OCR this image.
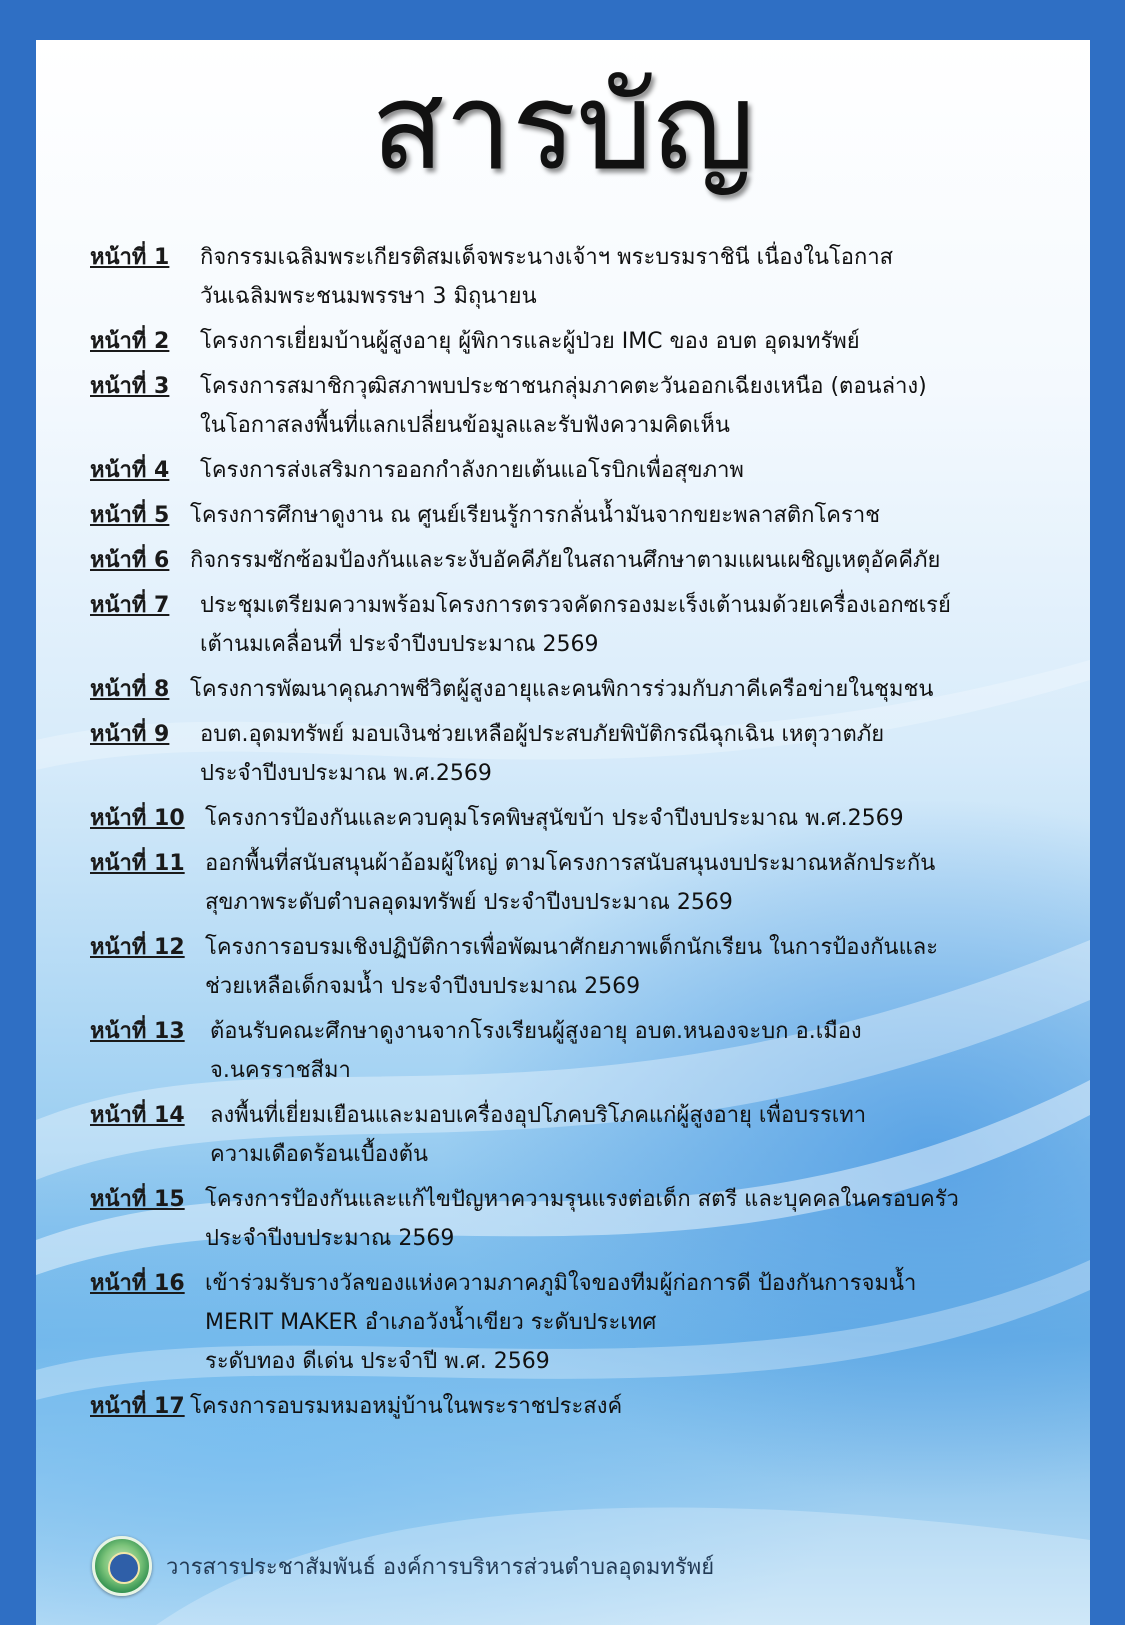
สารบัญ
หน้าที่ 1	กิจกรรมเฉลิมพระเกียรติสมเด็จพระนางเจ้าฯ พระบรมราชินี เนื่องในโอกาส
วันเฉลิมพระชนมพรรษา 3 มิถุนายน
หน้าที่ 2	โครงการเยี่ยมบ้านผู้สูงอายุ ผู้พิการและผู้ป่วย IMC ของ อบต อุดมทรัพย์
หน้าที่ 3	โครงการสมาชิกวุฒิสภาพบประชาชนกลุ่มภาคตะวันออกเฉียงเหนือ (ตอนล่าง)
ในโอกาสลงพื้นที่แลกเปลี่ยนข้อมูลและรับฟังความคิดเห็น
หน้าที่ 4	โครงการส่งเสริมการออกกำลังกายเต้นแอโรบิกเพื่อสุขภาพ
หน้าที่ 5 โครงการศึกษาดูงาน ณ ศูนย์เรียนรู้การกลั่นน้ำมันจากขยะพลาสติกโคราช
หน้าที่ 6 กิจกรรมซักซ้อมป้องกันและระงับอัคคีภัยในสถานศึกษาตามแผนเผชิญเหตุอัคคีภัย
หน้าที่ 7	ประชุมเตรียมความพร้อมโครงการตรวจคัดกรองมะเร็งเต้านมด้วยเครื่องเอกซเรย์
เต้านมเคลื่อนที่ ประจำปีงบประมาณ 2569
หน้าที่ 8 โครงการพัฒนาคุณภาพชีวิตผู้สูงอายุและคนพิการร่วมกับภาคีเครือข่ายในชุมชน
หน้าที่ 9	อบต.อุดมทรัพย์ มอบเงินช่วยเหลือผู้ประสบภัยพิบัติกรณีฉุกเฉิน เหตุวาตภัย
ประจำปีงบประมาณ พ.ศ.2569
หน้าที่ 10 โครงการป้องกันและควบคุมโรคพิษสุนัขบ้า ประจำปีงบประมาณ พ.ศ.2569
หน้าที่ 11 ออกพื้นที่สนับสนุนผ้าอ้อมผู้ใหญ่ ตามโครงการสนับสนุนงบประมาณหลักประกัน
สุขภาพระดับตำบลอุดมทรัพย์ ประจำปีงบประมาณ 2569
หน้าที่ 12 โครงการอบรมเชิงปฏิบัติการเพื่อพัฒนาศักยภาพเด็กนักเรียน ในการป้องกันและ
ช่วยเหลือเด็กจมน้ำ ประจำปีงบประมาณ 2569
หน้าที่ 13	ต้อนรับคณะศึกษาดูงานจากโรงเรียนผู้สูงอายุ อบต.หนองจะบก อ.เมือง
จ.นครราชสีมา
หน้าที่ 14	ลงพื้นที่เยี่ยมเยือนและมอบเครื่องอุปโภคบริโภคแก่ผู้สูงอายุ เพื่อบรรเทา
ความเดือดร้อนเบื้องต้น
หน้าที่ 15 โครงการป้องกันและแก้ไขปัญหาความรุนแรงต่อเด็ก สตรี และบุคคลในครอบครัว
ประจำปีงบประมาณ 2569
หน้าที่ 16 เข้าร่วมรับรางวัลของแห่งความภาคภูมิใจของทีมผู้ก่อการดี ป้องกันการจมน้ำ
MERIT MAKER อำเภอวังน้ำเขียว ระดับประเทศ
ระดับทอง ดีเด่น ประจำปี พ.ศ. 2569
หน้าที่ 17 โครงการอบรมหมอหมู่บ้านในพระราชประสงค์
วารสารประชาสัมพันธ์ องค์การบริหารส่วนตำบลอุดมทรัพย์
